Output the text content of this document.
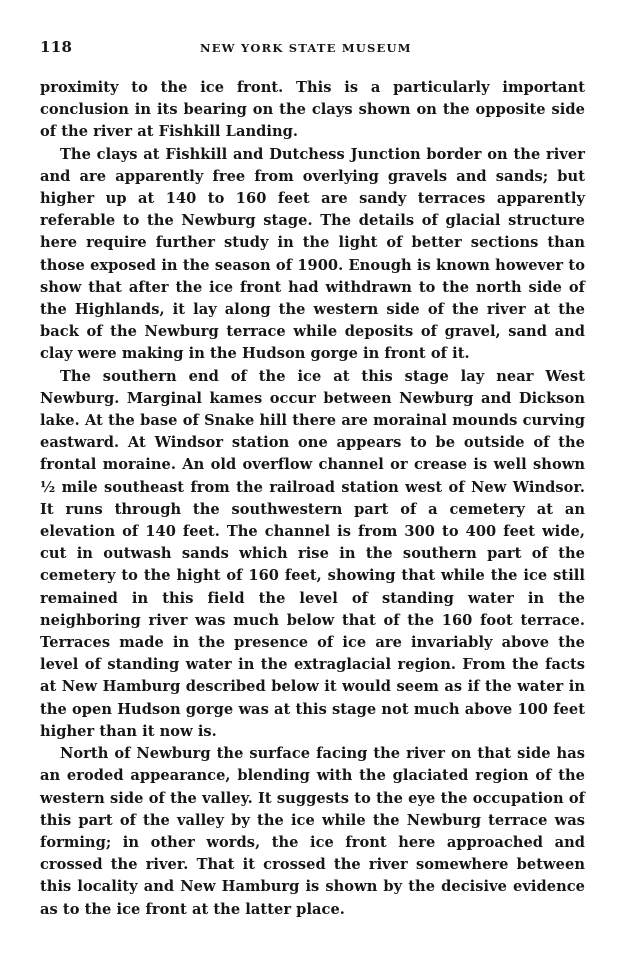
118	NEW YORK STATE MUSEUM

proximity to the ice front. This is a particularly important conclusion in its bearing on the clays shown on the opposite side of the river at Fishkill Landing.

The clays at Fishkill and Dutchess Junction border on the river and are apparently free from overlying gravels and sands; but higher up at 140 to 160 feet are sandy terraces apparently referable to the Newburg stage. The details of glacial structure here require further study in the light of better sections than those exposed in the season of 1900. Enough is known however to show that after the ice front had withdrawn to the north side of the Highlands, it lay along the western side of the river at the back of the Newburg terrace while deposits of gravel, sand and clay were making in the Hudson gorge in front of it.

The southern end of the ice at this stage lay near West Newburg. Marginal kames occur between Newburg and Dickson lake. At the base of Snake hill there are morainal mounds curving eastward. At Windsor station one appears to be outside of the frontal moraine. An old overflow channel or crease is well shown ½ mile southeast from the railroad station west of New Windsor. It runs through the southwestern part of a cemetery at an elevation of 140 feet. The channel is from 300 to 400 feet wide, cut in outwash sands which rise in the southern part of the cemetery to the hight of 160 feet, showing that while the ice still remained in this field the level of standing water in the neighboring river was much below that of the 160 foot terrace. Terraces made in the presence of ice are invariably above the level of standing water in the extraglacial region. From the facts at New Hamburg described below it would seem as if the water in the open Hudson gorge was at this stage not much above 100 feet higher than it now is.

North of Newburg the surface facing the river on that side has an eroded appearance, blending with the glaciated region of the western side of the valley. It suggests to the eye the occupation of this part of the valley by the ice while the Newburg terrace was forming; in other words, the ice front here approached and crossed the river. That it crossed the river somewhere between this locality and New Hamburg is shown by the decisive evidence as to the ice front at the latter place.
